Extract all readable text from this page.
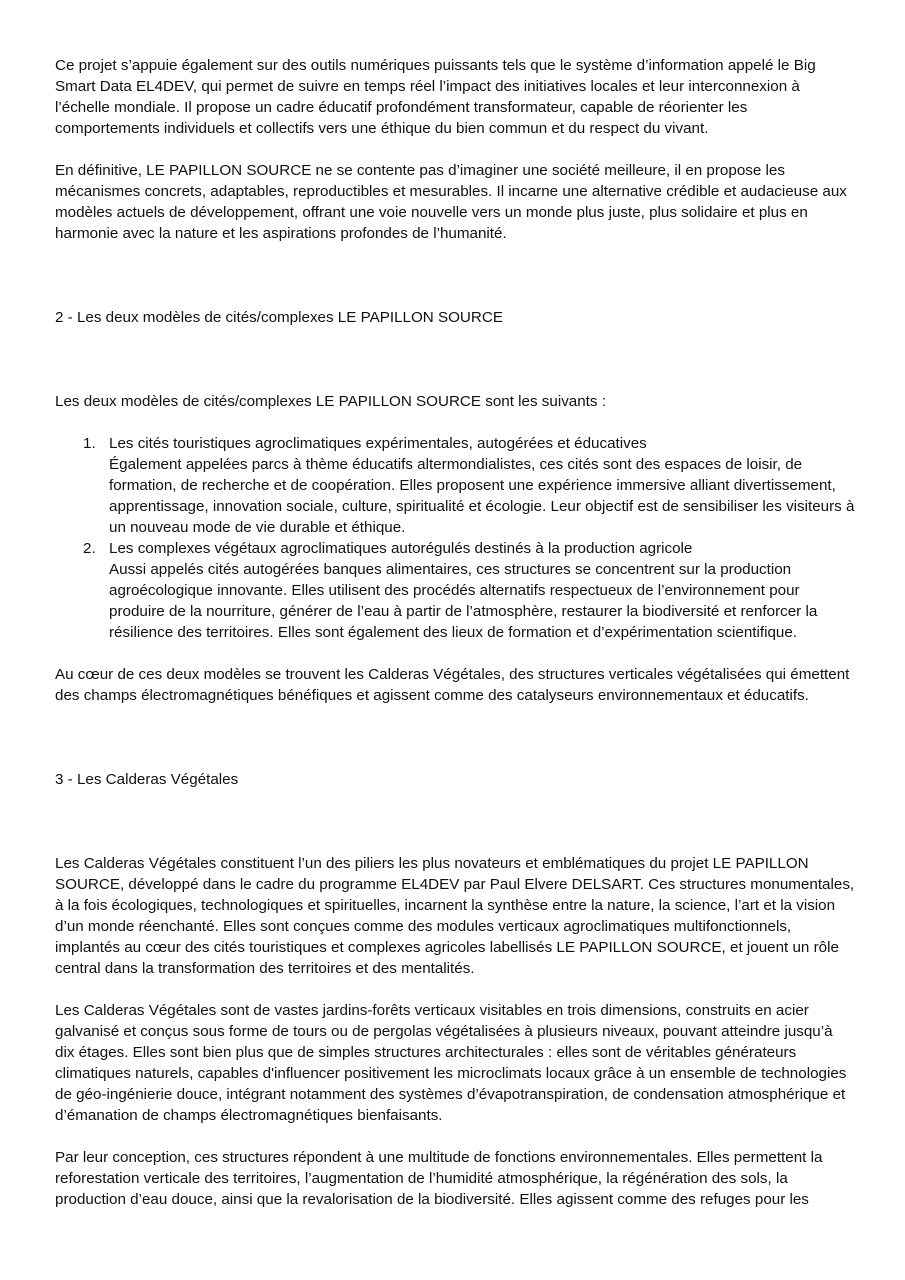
Ce projet s’appuie également sur des outils numériques puissants tels que le système d’information appelé le Big Smart Data EL4DEV, qui permet de suivre en temps réel l’impact des initiatives locales et leur interconnexion à l’échelle mondiale. Il propose un cadre éducatif profondément transformateur, capable de réorienter les comportements individuels et collectifs vers une éthique du bien commun et du respect du vivant.

En définitive, LE PAPILLON SOURCE ne se contente pas d’imaginer une société meilleure, il en propose les mécanismes concrets, adaptables, reproductibles et mesurables. Il incarne une alternative crédible et audacieuse aux modèles actuels de développement, offrant une voie nouvelle vers un monde plus juste, plus solidaire et plus en harmonie avec la nature et les aspirations profondes de l’humanité.

2 - Les deux modèles de cités/complexes LE PAPILLON SOURCE

Les deux modèles de cités/complexes LE PAPILLON SOURCE sont les suivants :

1. Les cités touristiques agroclimatiques expérimentales, autogérées et éducatives
Également appelées parcs à thème éducatifs altermondialistes, ces cités sont des espaces de loisir, de formation, de recherche et de coopération. Elles proposent une expérience immersive alliant divertissement, apprentissage, innovation sociale, culture, spiritualité et écologie. Leur objectif est de sensibiliser les visiteurs à un nouveau mode de vie durable et éthique.
2. Les complexes végétaux agroclimatiques autorégulés destinés à la production agricole
Aussi appelés cités autogérées banques alimentaires, ces structures se concentrent sur la production agroécologique innovante. Elles utilisent des procédés alternatifs respectueux de l’environnement pour produire de la nourriture, générer de l’eau à partir de l’atmosphère, restaurer la biodiversité et renforcer la résilience des territoires. Elles sont également des lieux de formation et d’expérimentation scientifique.

Au cœur de ces deux modèles se trouvent les Calderas Végétales, des structures verticales végétalisées qui émettent des champs électromagnétiques bénéfiques et agissent comme des catalyseurs environnementaux et éducatifs.

3 - Les Calderas Végétales

Les Calderas Végétales constituent l’un des piliers les plus novateurs et emblématiques du projet LE PAPILLON SOURCE, développé dans le cadre du programme EL4DEV par Paul Elvere DELSART. Ces structures monumentales, à la fois écologiques, technologiques et spirituelles, incarnent la synthèse entre la nature, la science, l’art et la vision d’un monde réenchanté. Elles sont conçues comme des modules verticaux agroclimatiques multifonctionnels, implantés au cœur des cités touristiques et complexes agricoles labellisés LE PAPILLON SOURCE, et jouent un rôle central dans la transformation des territoires et des mentalités.

Les Calderas Végétales sont de vastes jardins-forêts verticaux visitables en trois dimensions, construits en acier galvanisé et conçus sous forme de tours ou de pergolas végétalisées à plusieurs niveaux, pouvant atteindre jusqu’à dix étages. Elles sont bien plus que de simples structures architecturales : elles sont de véritables générateurs climatiques naturels, capables d'influencer positivement les microclimats locaux grâce à un ensemble de technologies de géo-ingénierie douce, intégrant notamment des systèmes d’évapotranspiration, de condensation atmosphérique et d’émanation de champs électromagnétiques bienfaisants.

Par leur conception, ces structures répondent à une multitude de fonctions environnementales. Elles permettent la reforestation verticale des territoires, l’augmentation de l’humidité atmosphérique, la régénération des sols, la production d’eau douce, ainsi que la revalorisation de la biodiversité. Elles agissent comme des refuges pour les
